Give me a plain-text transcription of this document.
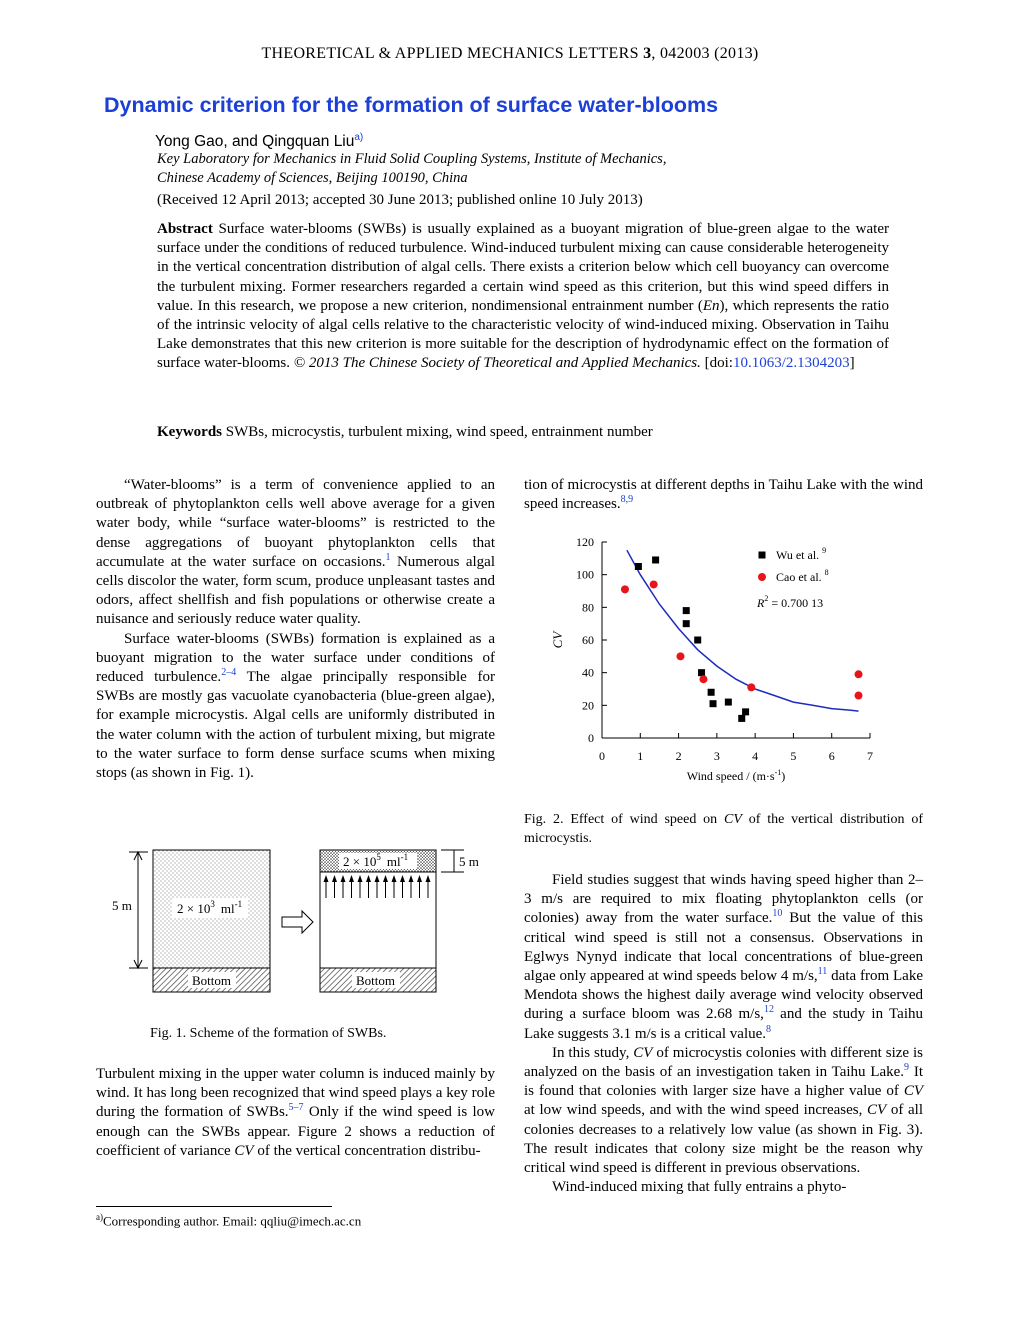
THEORETICAL & APPLIED MECHANICS LETTERS 3, 042003 (2013)
Dynamic criterion for the formation of surface water-blooms
Yong Gao, and Qingquan Liu$^{a)}$
Key Laboratory for Mechanics in Fluid Solid Coupling Systems, Institute of Mechanics,
Chinese Academy of Sciences, Beijing 100190, China
(Received 12 April 2013; accepted 30 June 2013; published online 10 July 2013)
Abstract Surface water-blooms (SWBs) is usually explained as a buoyant migration of blue-green algae to the water surface under the conditions of reduced turbulence. Wind-induced turbulent mixing can cause considerable heterogeneity in the vertical concentration distribution of algal cells. There exists a criterion below which cell buoyancy can overcome the turbulent mixing. Former researchers regarded a certain wind speed as this criterion, but this wind speed differs in value. In this research, we propose a new criterion, nondimensional entrainment number (En), which represents the ratio of the intrinsic velocity of algal cells relative to the characteristic velocity of wind-induced mixing. Observation in Taihu Lake demonstrates that this new criterion is more suitable for the description of hydrodynamic effect on the formation of surface water-blooms. © 2013 The Chinese Society of Theoretical and Applied Mechanics. [doi:10.1063/2.1304203]
Keywords SWBs, microcystis, turbulent mixing, wind speed, entrainment number

“Water-blooms” is a term of convenience applied to an outbreak of phytoplankton cells well above average for a given water body, while “surface water-blooms” is restricted to the dense aggregations of buoyant phytoplankton cells that accumulate at the water surface on occasions.$^1$ Numerous algal cells discolor the water, form scum, produce unpleasant tastes and odors, affect shellfish and fish populations or otherwise create a nuisance and seriously reduce water quality.

Surface water-blooms (SWBs) formation is explained as a buoyant migration to the water surface under conditions of reduced turbulence.$^{2-4}$ The algae principally responsible for SWBs are mostly gas vacuolate cyanobacteria (blue-green algae), for example microcystis. Algal cells are uniformly distributed in the water column with the action of turbulent mixing, but migrate to the water surface to form dense surface scums when mixing stops (as shown in Fig. 1).

5 m	$2 \times 10^3$ $ml^{-1}$
Bottom
$2 \times 10^5$ $ml^{-1}$
Bottom
5 m
Fig. 1. Scheme of the formation of SWBs.

Turbulent mixing in the upper water column is induced mainly by wind. It has long been recognized that wind speed plays a key role during the formation of SWBs.$^{5-7}$ Only if the wind speed is low enough can the SWBs appear. Figure 2 shows a reduction of coefficient of variance CV of the vertical concentration distribu-

$^{a)}$Corresponding author. Email: qqliu@imech.ac.cn

tion of microcystis at different depths in Taihu Lake with the wind speed increases.$^{8,9}$

0
20
40
60
80
100
120
0	1	2	3	4	5	6	7
CV
Wind speed / $(m\cdot s^{-1})$
Wu et al. $^9$
Cao et al. $^8$
$R^2 = 0.700$ 13
Fig. 2. Effect of wind speed on CV of the vertical distribution of microcystis.

Field studies suggest that winds having speed higher than 2–3 m/s are required to mix floating phytoplankton cells (or colonies) away from the water surface.$^{10}$ But the value of this critical wind speed is still not a consensus. Observations in Eglwys Nynyd indicate that local concentrations of blue-green algae only appeared at wind speeds below 4 m/s,$^{11}$ data from Lake Mendota shows the highest daily average wind velocity observed during a surface bloom was 2.68 m/s,$^{12}$ and the study in Taihu Lake suggests 3.1 m/s is a critical value.$^8$

In this study, CV of microcystis colonies with different size is analyzed on the basis of an investigation taken in Taihu Lake.$^9$ It is found that colonies with larger size have a higher value of CV at low wind speeds, and with the wind speed increases, CV of all colonies decreases to a relatively low value (as shown in Fig. 3). The result indicates that colony size might be the reason why critical wind speed is different in previous observations.

Wind-induced mixing that fully entrains a phyto-
